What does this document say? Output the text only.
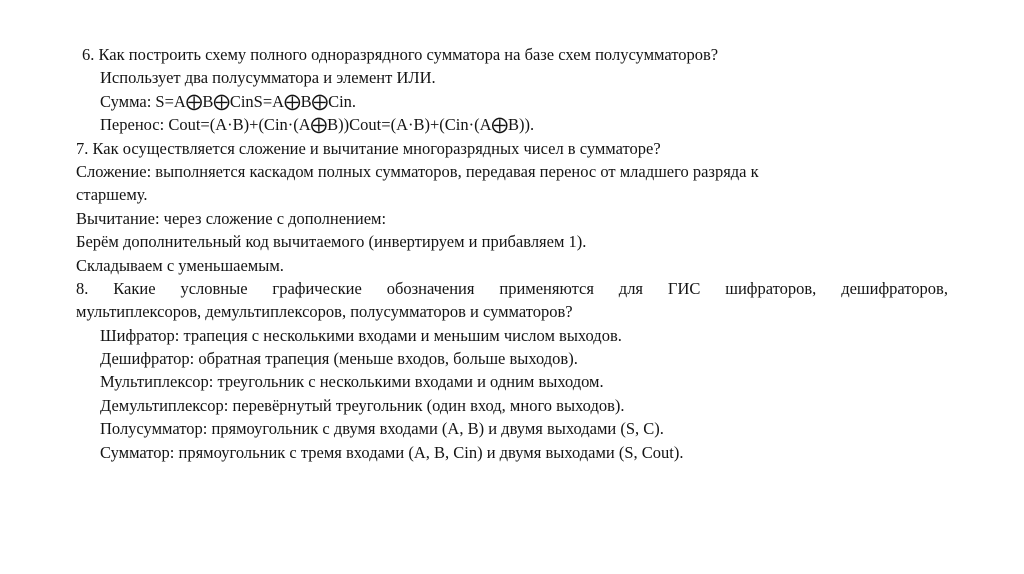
6. Как построить схему полного одноразрядного сумматора на базе схем полусумматоров?
Использует два полусумматора и элемент ИЛИ.
Сумма: S=A⨁B⨁CinS=A⨁B⨁Cin.
Перенос: Cout=(A·B)+(Cin·(A⨁B))Cout=(A·B)+(Cin·(A⨁B)).
7. Как осуществляется сложение и вычитание многоразрядных чисел в сумматоре?
Сложение: выполняется каскадом полных сумматоров, передавая перенос от младшего разряда к
старшему.
Вычитание: через сложение с дополнением:
Берём дополнительный код вычитаемого (инвертируем и прибавляем 1).
Складываем с уменьшаемым.
8. Какие условные графические обозначения применяются для ГИС шифраторов, дешифраторов,
мультиплексоров, демультиплексоров, полусумматоров и сумматоров?
Шифратор: трапеция с несколькими входами и меньшим числом выходов.
Дешифратор: обратная трапеция (меньше входов, больше выходов).
Мультиплексор: треугольник с несколькими входами и одним выходом.
Демультиплексор: перевёрнутый треугольник (один вход, много выходов).
Полусумматор: прямоугольник с двумя входами (A, B) и двумя выходами (S, C).
Сумматор: прямоугольник с тремя входами (A, B, Cin) и двумя выходами (S, Cout).
